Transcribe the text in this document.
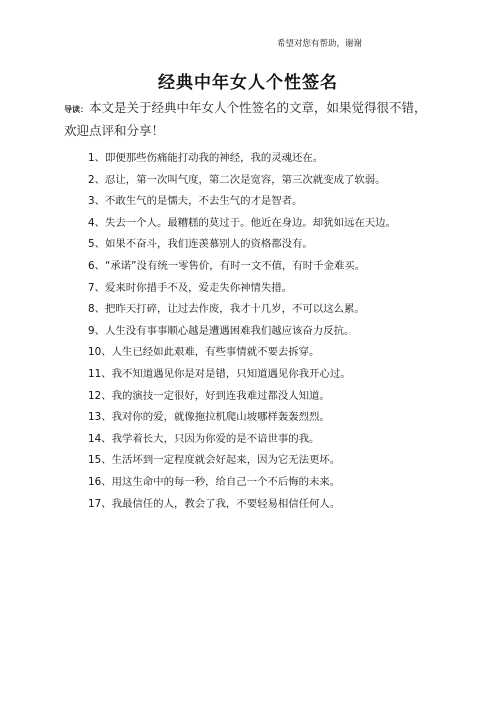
希望对您有帮助，谢谢
经典中年女人个性签名
导读：本文是关于经典中年女人个性签名的文章，如果觉得很不错，欢迎点评和分享！
1、即便那些伤痛能打动我的神经，我的灵魂还在。
2、忍让，第一次叫气度，第二次是宽容，第三次就变成了软弱。
3、不敢生气的是懦夫，不去生气的才是智者。
4、失去一个人。最糟糕的莫过于。他近在身边。却犹如远在天边。
5、如果不奋斗，我们连羡慕别人的资格都没有。
6、“承诺”没有统一零售价，有时一文不值，有时千金难买。
7、爱来时你措手不及，爱走失你神情失措。
8、把昨天打碎，让过去作废，我才十几岁，不可以这么累。
9、人生没有事事顺心越是遭遇困难我们越应该奋力反抗。
10、人生已经如此艰难，有些事情就不要去拆穿。
11、我不知道遇见你是对是错，只知道遇见你我开心过。
12、我的演技一定很好，好到连我难过都没人知道。
13、我对你的爱，就像拖拉机爬山坡哪样轰轰烈烈。
14、我学着长大，只因为你爱的是不谙世事的我。
15、生活坏到一定程度就会好起来，因为它无法更坏。
16、用这生命中的每一秒，给自己一个不后悔的未来。
17、我最信任的人，教会了我，不要轻易相信任何人。
